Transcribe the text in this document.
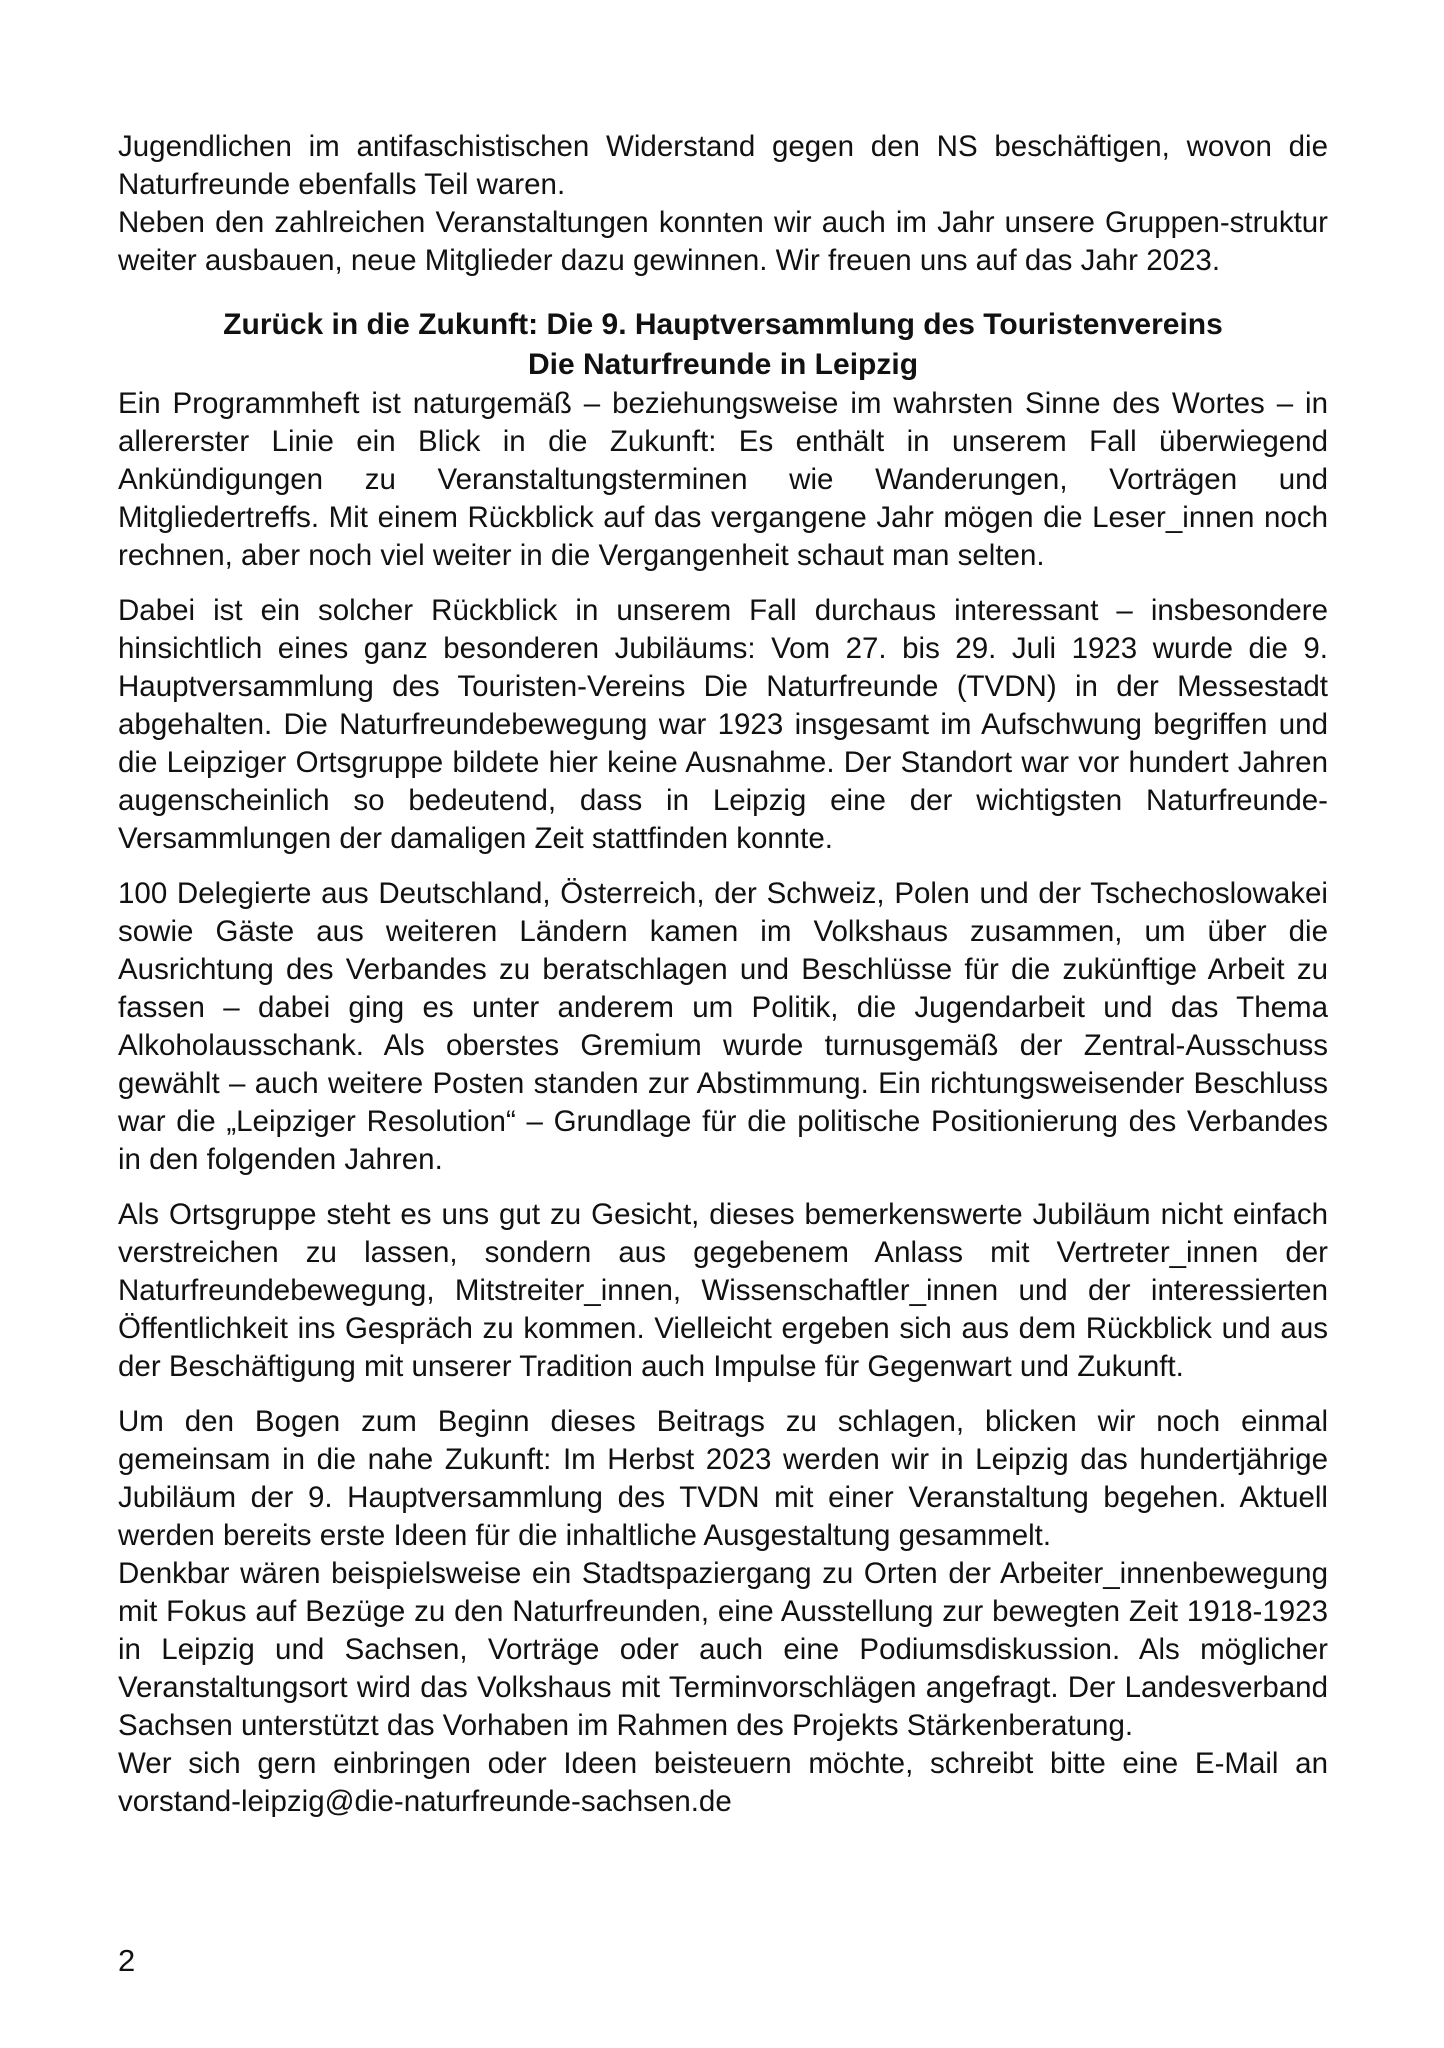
Jugendlichen im antifaschistischen Widerstand gegen den NS beschäftigen, wovon die Naturfreunde ebenfalls Teil waren.

Neben den zahlreichen Veranstaltungen konnten wir auch im Jahr unsere Gruppen-struktur weiter ausbauen, neue Mitglieder dazu gewinnen. Wir freuen uns auf das Jahr 2023.

Zurück in die Zukunft: Die 9. Hauptversammlung des Touristenvereins
Die Naturfreunde in Leipzig

Ein Programmheft ist naturgemäß – beziehungsweise im wahrsten Sinne des Wortes – in allererster Linie ein Blick in die Zukunft: Es enthält in unserem Fall überwiegend Ankündigungen zu Veranstaltungsterminen wie Wanderungen, Vorträgen und Mitgliedertreffs. Mit einem Rückblick auf das vergangene Jahr mögen die Leser_innen noch rechnen, aber noch viel weiter in die Vergangenheit schaut man selten.

Dabei ist ein solcher Rückblick in unserem Fall durchaus interessant – insbesondere hinsichtlich eines ganz besonderen Jubiläums: Vom 27. bis 29. Juli 1923 wurde die 9. Hauptversammlung des Touristen-Vereins Die Naturfreunde (TVDN) in der Messestadt abgehalten. Die Naturfreundebewegung war 1923 insgesamt im Aufschwung begriffen und die Leipziger Ortsgruppe bildete hier keine Ausnahme. Der Standort war vor hundert Jahren augenscheinlich so bedeutend, dass in Leipzig eine der wichtigsten Naturfreunde-Versammlungen der damaligen Zeit stattfinden konnte.

100 Delegierte aus Deutschland, Österreich, der Schweiz, Polen und der Tschechoslowakei sowie Gäste aus weiteren Ländern kamen im Volkshaus zusammen, um über die Ausrichtung des Verbandes zu beratschlagen und Beschlüsse für die zukünftige Arbeit zu fassen – dabei ging es unter anderem um Politik, die Jugendarbeit und das Thema Alkoholausschank. Als oberstes Gremium wurde turnusgemäß der Zentral-Ausschuss gewählt – auch weitere Posten standen zur Abstimmung. Ein richtungsweisender Beschluss war die „Leipziger Resolution“ – Grundlage für die politische Positionierung des Verbandes in den folgenden Jahren.

Als Ortsgruppe steht es uns gut zu Gesicht, dieses bemerkenswerte Jubiläum nicht einfach verstreichen zu lassen, sondern aus gegebenem Anlass mit Vertreter_innen der Naturfreundebewegung, Mitstreiter_innen, Wissenschaftler_innen und der interessierten Öffentlichkeit ins Gespräch zu kommen. Vielleicht ergeben sich aus dem Rückblick und aus der Beschäftigung mit unserer Tradition auch Impulse für Gegenwart und Zukunft.

Um den Bogen zum Beginn dieses Beitrags zu schlagen, blicken wir noch einmal gemeinsam in die nahe Zukunft: Im Herbst 2023 werden wir in Leipzig das hundertjährige Jubiläum der 9. Hauptversammlung des TVDN mit einer Veranstaltung begehen. Aktuell werden bereits erste Ideen für die inhaltliche Ausgestaltung gesammelt.

Denkbar wären beispielsweise ein Stadtspaziergang zu Orten der Arbeiter_innenbewegung mit Fokus auf Bezüge zu den Naturfreunden, eine Ausstellung zur bewegten Zeit 1918-1923 in Leipzig und Sachsen, Vorträge oder auch eine Podiumsdiskussion. Als möglicher Veranstaltungsort wird das Volkshaus mit Terminvorschlägen angefragt. Der Landesverband Sachsen unterstützt das Vorhaben im Rahmen des Projekts Stärkenberatung.

Wer sich gern einbringen oder Ideen beisteuern möchte, schreibt bitte eine E-Mail an vorstand-leipzig@die-naturfreunde-sachsen.de

2
